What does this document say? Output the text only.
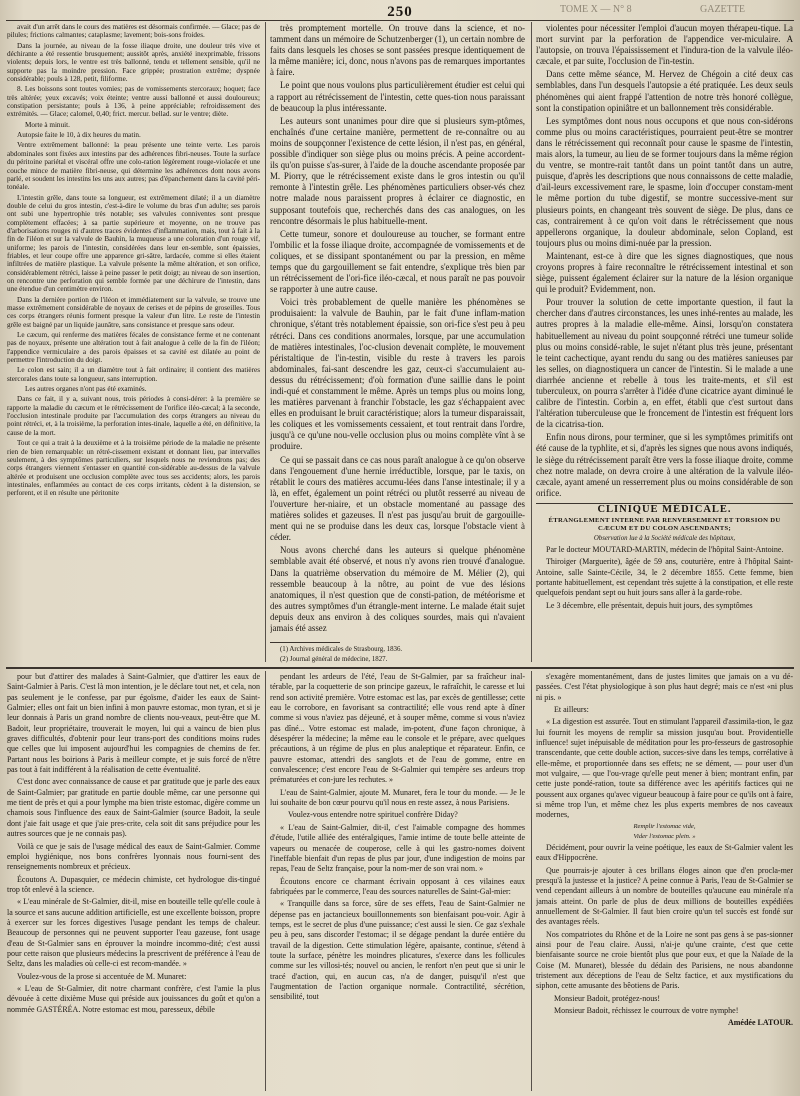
250	TOME X — N° 8	GAZETTE

avait d'un arrêt dans le cours des matières est désormais confirmée. — Glace; pas de pilules; frictions calmantes; cataplasme; lavement; bois-sons froides.

Dans la journée, au niveau de la fosse iliaque droite, une douleur très vive et déchirante a été ressentie brusquement; aussitôt après, anxiété inexprimable, frissons violents; depuis lors, le ventre est très ballonné, tendu et tellement sensible, qu'il ne supporte pas la moindre pression. Face grippée; prostration extrême; dyspnée considérable; pouls à 128, petit, filiforme.

8. Les boissons sont toutes vomies; pas de vomissements stercoraux; hoquet; face très altérée; yeux excavés; voix éteinte; ventre aussi ballonné et aussi douloureux; constipation persistante; pouls à 136, à peine appréciable; refroidissement des extrémités. — Glace; calomel, 0,40; frict. mercur. bellad. sur le ventre; diète.

Morte à minuit.

Autopsie faite le 10, à dix heures du matin.

Ventre extrêmement ballonné: la peau présente une teinte verte. Les parois abdominales sont fixées aux intestins par des adhérences fibri-neuses. Toute la surface du péritoine pariétal et viscéral offre une colo-ration légèrement rouge-violacée et une couche mince de matière fibri-neuse, qui détermine les adhérences dont nous avons parlé, et soudent les intestins les uns aux autres; pas d'épanchement dans la cavité péri-tonéale.

L'intestin grêle, dans toute sa longueur, est extrêmement dilaté; il a un diamètre double de celui du gros intestin, c'est-à-dire le volume du bras d'un adulte; ses parois ont subi une hypertrophie très notable; ses valvules conniventes sont presque complètement effacées; à sa partie supérieure et moyenne, on ne trouve pas d'arborisations rouges ni d'autres traces évidentes d'inflammation, mais, tout à fait à la fin de l'iléon et sur la valvule de Bauhin, la muqueuse a une coloration d'un rouge vif, uniforme; les parois de l'intestin, considérées dans leur en-semble, sont épaissies, friables, et leur coupe offre une apparence gri-sâtre, lardacée, comme si elles étaient infiltrées de matière plastique. La valvule présente la même altération, et son orifice, considérablement rétréci, laisse à peine passer le petit doigt; au niveau de son insertion, on rencontre une perforation qui semble formée par une déchirure de l'intestin, dans une étendue d'un centimètre environ.

Dans la dernière portion de l'iléon et immédiatement sur la valvule, se trouve une masse extrêmement considérable de noyaux de cerises et de pépins de groseilles. Tous ces corps étrangers réunis forment presque la valeur d'un litre. Le reste de l'intestin grêle est baigné par un liquide jaunâtre, sans consistance et presque sans odeur.

Le cæcum, qui renferme des matières fécales de consistance ferme et ne contenant pas de noyaux, présente une altération tout à fait analogue à celle de la fin de l'iléon; l'appendice vermiculaire a des parois épaisses et sa cavité est dilatée au point de permettre l'introduction du doigt.

Le colon est sain; il a un diamètre tout à fait ordinaire; il contient des matières stercorales dans toute sa longueur, sans interruption.

Les autres organes n'ont pas été examinés.

Dans ce fait, il y a, suivant nous, trois périodes à consi-dérer: à la première se rapporte la maladie du cæcum et le rétrécissement de l'orifice iléo-cæcal; à la seconde, l'occlusion intestinale produite par l'accumulation des corps étrangers au niveau du point rétréci, et, à la troisième, la perforation intes-tinale, laquelle a été, en définitive, la cause de la mort.

Tout ce qui a trait à la deuxième et à la troisième période de la maladie ne présente rien de bien remarquable: un rétré-cissement existant et donnant lieu, par intervalles seulement, à des symptômes particuliers, sur lesquels nous ne reviendrons pas; des corps étrangers viennent s'entasser en quantité con-sidérable au-dessus de la valvule altérée et produisent une occlusion complète avec tous ses accidents; alors, les parois intestinales, enflammées au contact de ces corps irritants, cèdent à la distension, se perforent, et il en résulte une péritonite

très promptement mortelle. On trouve dans la science, et no-tamment dans un mémoire de Schutzenberger (1), un certain nombre de faits dans lesquels les choses se sont passées presque identiquement de la même manière; ici, donc, nous n'avons pas de remarques importantes à faire.

Le point que nous voulons plus particulièrement étudier est celui qui a rapport au rétrécissement de l'intestin, cette ques-tion nous paraissant de beaucoup la plus intéressante.

Les auteurs sont unanimes pour dire que si plusieurs sym-ptômes, enchaînés d'une certaine manière, permettent de re-connaître ou au moins de soupçonner l'existence de cette lésion, il n'est pas, en général, possible d'indiquer son siège plus ou moins précis. A peine accordent-ils qu'on puisse s'as-surer, à l'aide de la douche ascendante proposée par M. Piorry, que le rétrécissement existe dans le gros intestin ou qu'il remonte à l'intestin grêle. Les phénomènes particuliers obser-vés chez notre malade nous paraissent propres à éclairer ce diagnostic, en supposant toutefois que, recherchés dans des cas analogues, on les rencontre désormais le plus habituelle-ment.

Cette tumeur, sonore et douloureuse au toucher, se formant entre l'ombilic et la fosse iliaque droite, accompagnée de vomissements et de coliques, et se dissipant spontanément ou par la pression, en même temps que du gargouillement se fait entendre, s'explique très bien par un rétrécissement de l'ori-fice iléo-cæcal, et nous paraît ne pas pouvoir se rapporter à une autre cause.

Voici très probablement de quelle manière les phénomènes se produisaient: la valvule de Bauhin, par le fait d'une inflam-mation chronique, s'étant très notablement épaissie, son ori-fice s'est peu à peu rétréci. Dans ces conditions anormales, lorsque, par une accumulation de matières intestinales, l'oc-clusion devenait complète, le mouvement péristaltique de l'in-testin, visible du reste à travers les parois abdominales, fai-sant descendre les gaz, ceux-ci s'accumulaient au-dessus du rétrécissement; d'où formation d'une saillie dans le point indi-qué et constamment le même. Après un temps plus ou moins long, les matières parvenant à franchir l'obstacle, les gaz s'échappaient avec elles en produisant le bruit caractéristique; alors la tumeur disparaissait, les coliques et les vomissements cessaient, et tout rentrait dans l'ordre, jusqu'à ce qu'une nou-velle occlusion plus ou moins complète vînt à se produire.

Ce qui se passait dans ce cas nous paraît analogue à ce qu'on observe dans l'engouement d'une hernie irréductible, lorsque, par le taxis, on rétablit le cours des matières accumu-lées dans l'anse intestinale; il y a là, en effet, également un point rétréci ou plutôt resserré au niveau de l'ouverture her-niaire, et un obstacle momentané au passage des matières solides et gazeuses. Il n'est pas jusqu'au bruit de gargouille-ment qui ne se produise dans les deux cas, lorsque l'obstacle vient à céder.

Nous avons cherché dans les auteurs si quelque phénomène semblable avait été observé, et nous n'y avons rien trouvé d'analogue. Dans la quatrième observation du mémoire de M. Mélier (2), qui ressemble beaucoup à la nôtre, au point de vue des lésions anatomiques, il n'est question que de consti-pation, de météorisme et des autres symptômes d'un étrangle-ment interne. Le malade était sujet depuis deux ans environ à des coliques sourdes, mais qui n'avaient jamais été assez

(1) Archives médicales de Strasbourg, 1836.

(2) Journal général de médecine, 1827.

violentes pour nécessiter l'emploi d'aucun moyen thérapeu-tique. La mort survint par la perforation de l'appendice ver-miculaire. A l'autopsie, on trouva l'épaississement et l'indura-tion de la valvule iléo-cæcale, et par suite, l'occlusion de l'in-testin.

Dans cette même séance, M. Hervez de Chégoin a cité deux cas semblables, dans l'un desquels l'autopsie a été pratiquée. Les deux seuls phénomènes qui aient frappé l'attention de notre très honoré collègue, sont la constipation opiniâtre et un ballonnement très considérable.

Les symptômes dont nous nous occupons et que nous con-sidérons comme plus ou moins caractéristiques, pourraient peut-être se montrer dans le rétrécissement qui reconnaît pour cause le spasme de l'intestin, mais alors, la tumeur, au lieu de se former toujours dans la même région du ventre, se montre-rait tantôt dans un point tantôt dans un autre, puisque, d'après les descriptions que nous connaissons de cette maladie, d'ail-leurs excessivement rare, le spasme, loin d'occuper constam-ment le même portion du tube digestif, se montre successive-ment sur plusieurs points, en changeant très souvent de siège. De plus, dans ce cas, contrairement à ce qu'on voit dans le rétrécissement que nous appellerons organique, la douleur abdominale, selon Copland, est toujours plus ou moins dimi-nuée par la pression.

Maintenant, est-ce à dire que les signes diagnostiques, que nous croyons propres à faire reconnaître le rétrécissement intestinal et son siège, puissent également éclairer sur la nature de la lésion organique qui le produit? Evidemment, non.

Pour trouver la solution de cette importante question, il faut la chercher dans d'autres circonstances, les unes inhé-rentes au malade, les autres propres à la maladie elle-même. Ainsi, lorsqu'on constatera habituellement au niveau du point soupçonné rétréci une tumeur solide plus ou moins considé-rable, le sujet n'étant plus très jeune, présentant le teint cachectique, ayant rendu du sang ou des matières sanieuses par les selles, on diagnostiquera un cancer de l'intestin. Si le malade a une diarrhée ancienne et rebelle à tous les traite-ments, et s'il est tuberculeux, on pourra s'arrêter à l'idée d'une cicatrice ayant diminué le calibre de l'intestin. Corbin a, en effet, établi que c'est surtout dans l'altération tuberculeuse que le froncement de l'intestin est fréquent lors de la cicatrisa-tion.

Enfin nous dirons, pour terminer, que si les symptômes primitifs ont été cause de la typhlite, et si, d'après les signes que nous avons indiqués, le siège du rétrécissement paraît être vers la fosse iliaque droite, comme chez notre malade, on devra croire à une altération de la valvule iléo-cæcale, ayant amené un resserrement plus ou moins considérable de son orifice.

CLINIQUE MÉDICALE.

ÉTRANGLEMENT INTERNE PAR RENVERSEMENT ET TORSION DU CÆCUM ET DU COLON ASCENDANTS;

Observation lue à la Société médicale des hôpitaux,

Par le docteur MOUTARD-MARTIN, médecin de l'hôpital Saint-Antoine.

Thiroiger (Marguerite), âgée de 59 ans, couturière, entre à l'hôpital Saint-Antoine, salle Sainte-Cécile, 34, le 2 décembre 1855. Cette femme, bien portante habituellement, est cependant très sujette à la constipation, et elle reste quelquefois pendant sept ou huit jours sans aller à la garde-robe.

Le 3 décembre, elle présentait, depuis huit jours, des symptômes

pour but d'attirer des malades à Saint-Galmier, que d'attirer les eaux de Saint-Galmier à Paris. C'est là mon intention, je le déclare tout net, et cela, non pas seulement je le confesse, par pur égoïsme, d'aider les eaux de Saint-Galmier; elles ont fait un bien infini à mon pauvre estomac, mon tyran, et si je leur donnais à Paris un grand nombre de clients nou-veaux, peut-être que M. Badoit, leur propriétaire, trouverait le moyen, lui qui a vaincu de bien plus graves difficultés, d'obtenir pour leur trans-port des conditions moins rudes que celles que lui imposent aujourd'hui les compagnies de chemins de fer. Partant nous les boirions à Paris à meilleur compte, et je suis forcé de n'être pas tout à fait indifférent à la réalisation de cette éventualité.

C'est donc avec connaissance de cause et par gratitude que je parle des eaux de Saint-Galmier; par gratitude en partie double même, car une personne qui me tient de près et qui a pour lymphe ma bien triste estomac, digère comme un chamois sous l'influence des eaux de Saint-Galmier (source Badoit, la seule dont j'aie fait usage et que j'aie pres-crite, cela soit dit sans préjudice pour les autres sources que je ne connais pas).

Voilà ce que je sais de l'usage médical des eaux de Saint-Galmier. Comme emploi hygiénique, nos bons confrères lyonnais nous fourni-sent des renseignements nombreux et précieux.

Écoutons A. Dupasquier, ce médecin chimiste, cet hydrologue dis-tingué trop tôt enlevé à la science.

« L'eau minérale de St-Galmier, dit-il, mise en bouteille telle qu'elle coule à la source et sans aucune addition artificielle, est une excellente boisson, propre à exercer sur les forces digestives l'usage pendant les temps de chaleur. Beaucoup de personnes qui ne peuvent supporter l'eau gazeuse, font usage d'eau de St-Galmier sans en éprouver la moindre incommo-dité; c'est aussi pour cette raison que plusieurs médecins la prescrivent de préférence à l'eau de Seltz, dans les maladies où celle-ci est recom-mandée. »

Voulez-vous de la prose si accentuée de M. Munaret:

« L'eau de St-Galmier, dit notre charmant confrère, c'est l'amie la plus dévouée à cette dixième Muse qui préside aux jouissances du goût et qu'on a nommée GASTÉRÉA. Notre estomac est mou, paresseux, débile

pendant les ardeurs de l'été, l'eau de St-Galmier, par sa fraîcheur inal-térable, par la coquetterie de son principe gazeux, le rafraîchit, le caresse et lui rend son activité première. Votre estomac est las, par excès de gentillesse; cette eau le corrobore, en favorisant sa contractilité; elle vous rend apte à dîner comme si vous n'aviez pas déjeuné, et à souper même, comme si vous n'aviez pas dîné... Votre estomac est malade, im-potent, d'une façon chronique, à désespérer la médecine; la même eau le console et le prépare, avec quelques précautions, à un régime de plus en plus analeptique et réparateur. Enfin, ce pauvre estomac, attendri des sanglots et de l'eau de gomme, entre en convalescence; c'est encore l'eau de St-Galmier qui tempère ses ardeurs trop prématurées et con-jure les rechutes. »

L'eau de Saint-Galmier, ajoute M. Munaret, fera le tour du monde. — Je le lui souhaite de bon cœur pourvu qu'il nous en reste assez, à nous Parisiens.

Voulez-vous entendre notre spirituel confrère Diday?

« L'eau de Saint-Galmier, dit-il, c'est l'aimable compagne des hommes d'étude, l'utile alliée des entéralgiques, l'amie intime de toute belle atteinte de vapeurs ou menacée de couperose, celle à qui les gastro-nomes doivent l'ineffable bienfait d'un repas de plus par jour, d'une indigestion de moins par repas, l'eau de Seltz française, pour la nom-mer de son vrai nom. »

Écoutons encore ce charmant écrivain opposant à ces vilaines eaux fabriquées par le commerce, l'eau des sources naturelles de Saint-Gal-mier:

« Tranquille dans sa force, sûre de ses effets, l'eau de Saint-Galmier ne dépense pas en jactancieux bouillonnements son bienfaisant pou-voir. Agir à temps, est le secret de plus d'une puissance; c'est aussi le sien. Ce gaz s'exhale peu à peu, sans discorder l'estomac; il se dégage pendant la durée entière du travail de la digestion. Cette stimulation légère, apaisante, continue, s'étend à toute la surface, pénètre les moindres plicatures, s'exerce dans les follicules comme sur les villosi-tés; nouvel ou ancien, le renfort n'en peut que si unir le tracé d'action, qui, en aucun cas, n'a de danger, puisqu'il n'est que l'augmentation de l'action organique normale. Contractilité, sécrétion, sensibilité, tout

s'exagère momentanément, dans de justes limites que jamais on a vu dé-passées. C'est l'état physiologique à son plus haut degré; mais ce n'est «ni plus ni pis. »

Et ailleurs:

« La digestion est assurée. Tout en stimulant l'appareil d'assimila-tion, le gaz lui fournit les moyens de remplir sa mission jusqu'au bout. Providentielle influence! sujet inépuisable de méditation pour les pro-fesseurs de gastrosophie transcendante, que cette double action, succes-sive dans les temps, corrélative à elle-même, et proportionnée dans ses effets; ne se dément, — pour user d'un mot vulgaire, — que l'ou-vrage qu'elle peut mener à bien; montrant enfin, par cette juste pondé-ration, toute sa différence avec les apéritifs factices qui ne poussent aux organes qu'avec vigueur beaucoup à faire pour ce qu'ils ont à faire, si même trop l'un, et même chez les plus experts membres de nos caveaux modernes,

Remplir l'estomac vide,

Vider l'estomac plein. »

Décidément, pour ouvrir la veine poétique, les eaux de St-Galmier valent les eaux d'Hippocrène.

Que pourrais-je ajouter à ces brillans éloges ainon que d'en procla-mer presqu'à la justesse et la justice? A peine connue à Paris, l'eau de St-Galmier se vend cependant ailleurs à un nombre de bouteilles qu'aucune eau minérale n'a jamais atteint. On parle de plus de deux millions de bouteilles expédiées annuellement de St-Galmier. Il faut bien croire qu'un tel succès est fondé sur des avantages réels.

Nos compatriotes du Rhône et de la Loire ne sont pas gens à se pas-sionner ainsi pour de l'eau claire. Aussi, n'ai-je qu'une crainte, c'est que cette bienfaisante source ne croie bientôt plus que pour eux, et que la Naïade de la Coise (M. Munaret), blessée du dédain des Parisiens, ne nous abandonne tristement aux déceptions de l'eau de Seltz factice, et aux mystifications du siphon, cette amusante des bêotiens de Paris.

Monsieur Badoit, protégez-nous!

Monsieur Badoit, réchissez le courroux de votre nymphe!

Amédée LATOUR.
